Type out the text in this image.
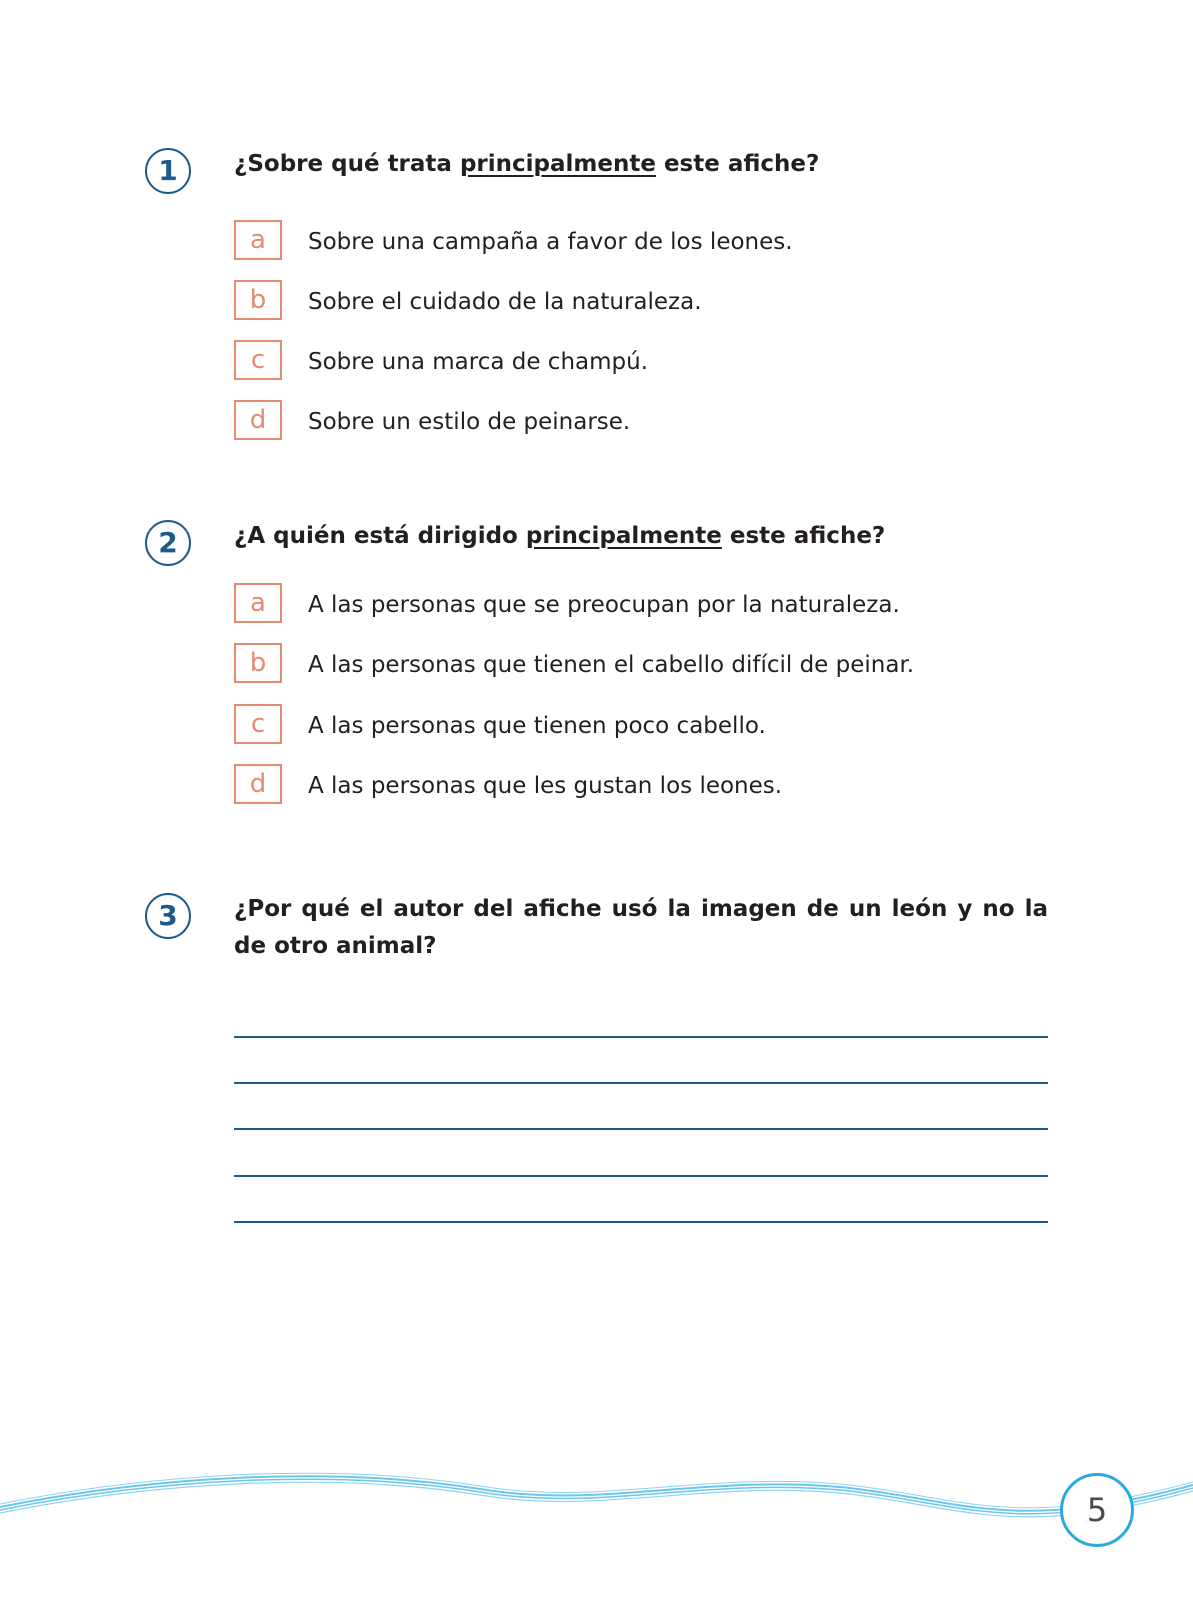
1 ¿Sobre qué trata principalmente este afiche?
a	Sobre una campaña a favor de los leones.
b	Sobre el cuidado de la naturaleza.
c	Sobre una marca de champú.
d	Sobre un estilo de peinarse.
2 ¿A quién está dirigido principalmente este afiche?
a	A las personas que se preocupan por la naturaleza.
b	A las personas que tienen el cabello difícil de peinar.
c	A las personas que tienen poco cabello.
d	A las personas que les gustan los leones.
3 ¿Por qué el autor del afiche usó la imagen de un león y no la de otro animal?
5
